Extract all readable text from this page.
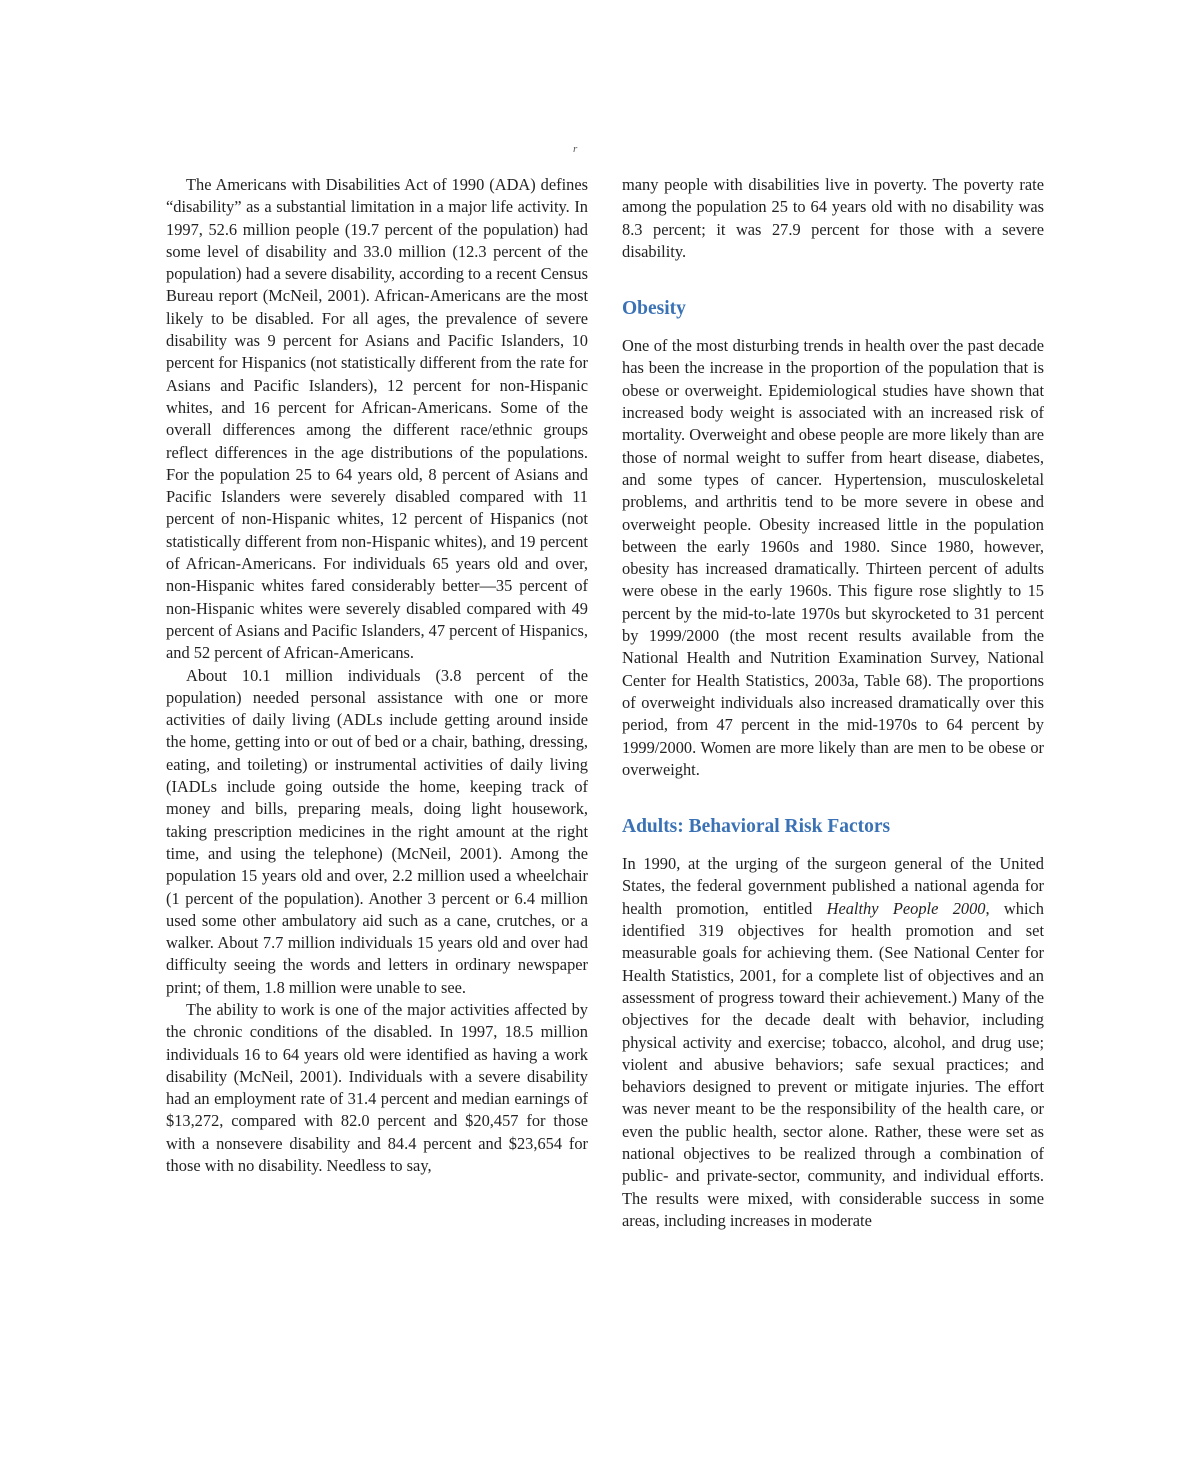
r

The Americans with Disabilities Act of 1990 (ADA) defines “disability” as a substantial limitation in a major life activity. In 1997, 52.6 million people (19.7 percent of the population) had some level of disability and 33.0 million (12.3 percent of the population) had a severe disability, according to a recent Census Bureau report (McNeil, 2001). African-Americans are the most likely to be disabled. For all ages, the prevalence of severe disability was 9 percent for Asians and Pacific Islanders, 10 percent for Hispanics (not statistically different from the rate for Asians and Pacific Islanders), 12 percent for non-Hispanic whites, and 16 percent for African-Americans. Some of the overall differences among the different race/ethnic groups reflect differences in the age distributions of the populations. For the population 25 to 64 years old, 8 percent of Asians and Pacific Islanders were severely disabled compared with 11 percent of non-Hispanic whites, 12 percent of Hispanics (not statistically different from non-Hispanic whites), and 19 percent of African-Americans. For individuals 65 years old and over, non-Hispanic whites fared considerably better—35 percent of non-Hispanic whites were severely disabled compared with 49 percent of Asians and Pacific Islanders, 47 percent of Hispanics, and 52 percent of African-Americans.

About 10.1 million individuals (3.8 percent of the population) needed personal assistance with one or more activities of daily living (ADLs include getting around inside the home, getting into or out of bed or a chair, bathing, dressing, eating, and toileting) or instrumental activities of daily living (IADLs include going outside the home, keeping track of money and bills, preparing meals, doing light housework, taking prescription medicines in the right amount at the right time, and using the telephone) (McNeil, 2001). Among the population 15 years old and over, 2.2 million used a wheelchair (1 percent of the population). Another 3 percent or 6.4 million used some other ambulatory aid such as a cane, crutches, or a walker. About 7.7 million individuals 15 years old and over had difficulty seeing the words and letters in ordinary newspaper print; of them, 1.8 million were unable to see.

The ability to work is one of the major activities affected by the chronic conditions of the disabled. In 1997, 18.5 million individuals 16 to 64 years old were identified as having a work disability (McNeil, 2001). Individuals with a severe disability had an employment rate of 31.4 percent and median earnings of $13,272, compared with 82.0 percent and $20,457 for those with a nonsevere disability and 84.4 percent and $23,654 for those with no disability. Needless to say,

many people with disabilities live in poverty. The poverty rate among the population 25 to 64 years old with no disability was 8.3 percent; it was 27.9 percent for those with a severe disability.

Obesity

One of the most disturbing trends in health over the past decade has been the increase in the proportion of the population that is obese or overweight. Epidemiological studies have shown that increased body weight is associated with an increased risk of mortality. Overweight and obese people are more likely than are those of normal weight to suffer from heart disease, diabetes, and some types of cancer. Hypertension, musculoskeletal problems, and arthritis tend to be more severe in obese and overweight people. Obesity increased little in the population between the early 1960s and 1980. Since 1980, however, obesity has increased dramatically. Thirteen percent of adults were obese in the early 1960s. This figure rose slightly to 15 percent by the mid-to-late 1970s but skyrocketed to 31 percent by 1999/2000 (the most recent results available from the National Health and Nutrition Examination Survey, National Center for Health Statistics, 2003a, Table 68). The proportions of overweight individuals also increased dramatically over this period, from 47 percent in the mid-1970s to 64 percent by 1999/2000. Women are more likely than are men to be obese or overweight.

Adults: Behavioral Risk Factors

In 1990, at the urging of the surgeon general of the United States, the federal government published a national agenda for health promotion, entitled Healthy People 2000, which identified 319 objectives for health promotion and set measurable goals for achieving them. (See National Center for Health Statistics, 2001, for a complete list of objectives and an assessment of progress toward their achievement.) Many of the objectives for the decade dealt with behavior, including physical activity and exercise; tobacco, alcohol, and drug use; violent and abusive behaviors; safe sexual practices; and behaviors designed to prevent or mitigate injuries. The effort was never meant to be the responsibility of the health care, or even the public health, sector alone. Rather, these were set as national objectives to be realized through a combination of public- and private-sector, community, and individual efforts. The results were mixed, with considerable success in some areas, including increases in moderate
